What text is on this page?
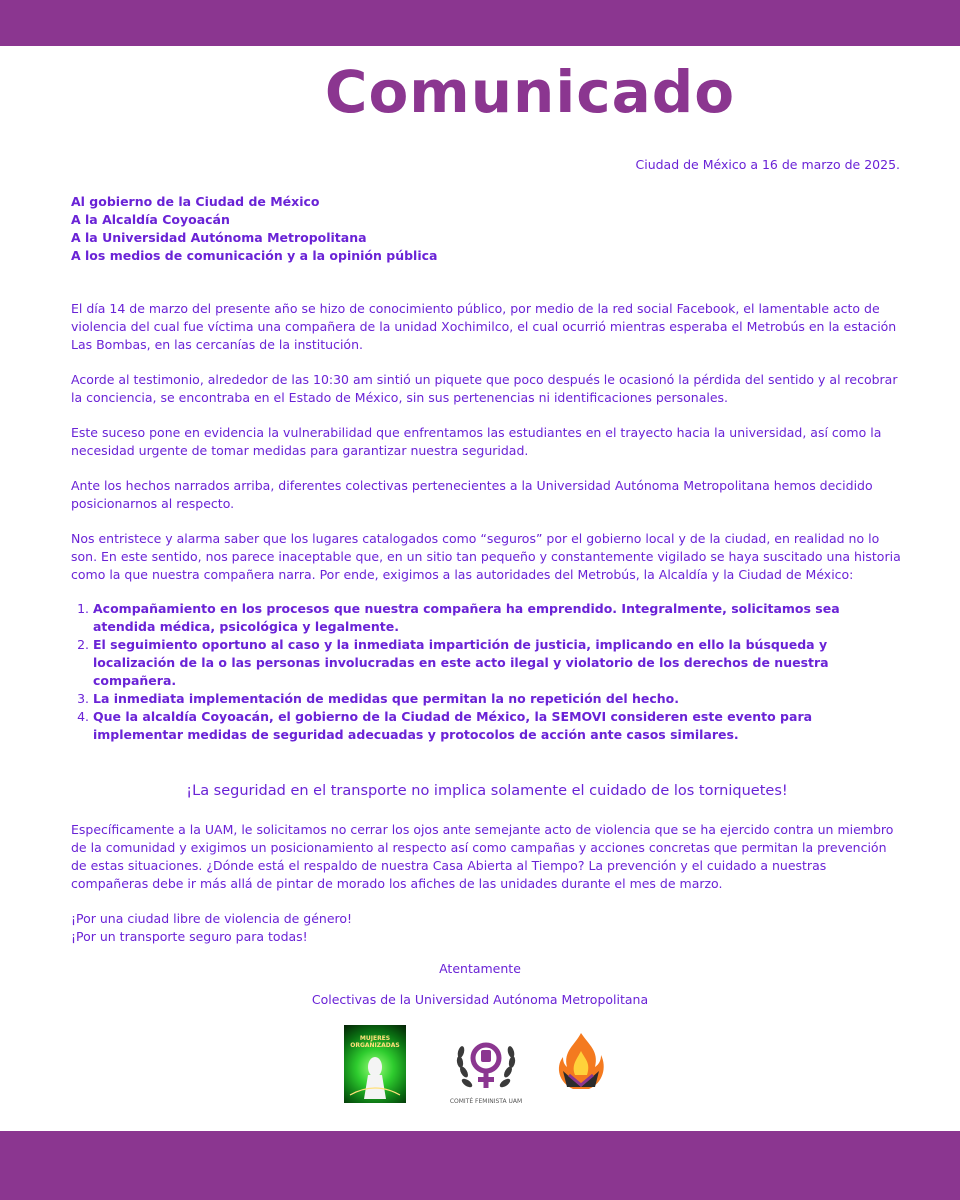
Comunicado
Ciudad de México a 16 de marzo de 2025.
Al gobierno de la Ciudad de México
A la Alcaldía Coyoacán
A la Universidad Autónoma Metropolitana
A los medios de comunicación y a la opinión pública

El día 14 de marzo del presente año se hizo de conocimiento público, por medio de la red social Facebook, el lamentable acto de violencia del cual fue víctima una compañera de la unidad Xochimilco, el cual ocurrió mientras esperaba el Metrobús en la estación Las Bombas, en las cercanías de la institución.

Acorde al testimonio, alrededor de las 10:30 am sintió un piquete que poco después le ocasionó la pérdida del sentido y al recobrar la conciencia, se encontraba en el Estado de México, sin sus pertenencias ni identificaciones personales.

Este suceso pone en evidencia la vulnerabilidad que enfrentamos las estudiantes en el trayecto hacia la universidad, así como la necesidad urgente de tomar medidas para garantizar nuestra seguridad.

Ante los hechos narrados arriba, diferentes colectivas pertenecientes a la Universidad Autónoma Metropolitana hemos decidido posicionarnos al respecto.

Nos entristece y alarma saber que los lugares catalogados como “seguros” por el gobierno local y de la ciudad, en realidad no lo son. En este sentido, nos parece inaceptable que, en un sitio tan pequeño y constantemente vigilado se haya suscitado una historia como la que nuestra compañera narra. Por ende, exigimos a las autoridades del Metrobús, la Alcaldía y la Ciudad de México:

1. Acompañamiento en los procesos que nuestra compañera ha emprendido. Integralmente, solicitamos sea atendida médica, psicológica y legalmente.
2. El seguimiento oportuno al caso y la inmediata impartición de justicia, implicando en ello la búsqueda y localización de la o las personas involucradas en este acto ilegal y violatorio de los derechos de nuestra compañera.
3. La inmediata implementación de medidas que permitan la no repetición del hecho.
4. Que la alcaldía Coyoacán, el gobierno de la Ciudad de México, la SEMOVI consideren este evento para implementar medidas de seguridad adecuadas y protocolos de acción ante casos similares.
¡La seguridad en el transporte no implica solamente el cuidado de los torniquetes!

Específicamente a la UAM, le solicitamos no cerrar los ojos ante semejante acto de violencia que se ha ejercido contra un miembro de la comunidad y exigimos un posicionamiento al respecto así como campañas y acciones concretas que permitan la prevención de estas situaciones. ¿Dónde está el respaldo de nuestra Casa Abierta al Tiempo? La prevención y el cuidado a nuestras compañeras debe ir más allá de pintar de morado los afiches de las unidades durante el mes de marzo.

¡Por una ciudad libre de violencia de género!
¡Por un transporte seguro para todas!
Atentamente
Colectivas de la Universidad Autónoma Metropolitana
MUJERES ORGANIZADAS
COMITÉ FEMINISTA UAM
